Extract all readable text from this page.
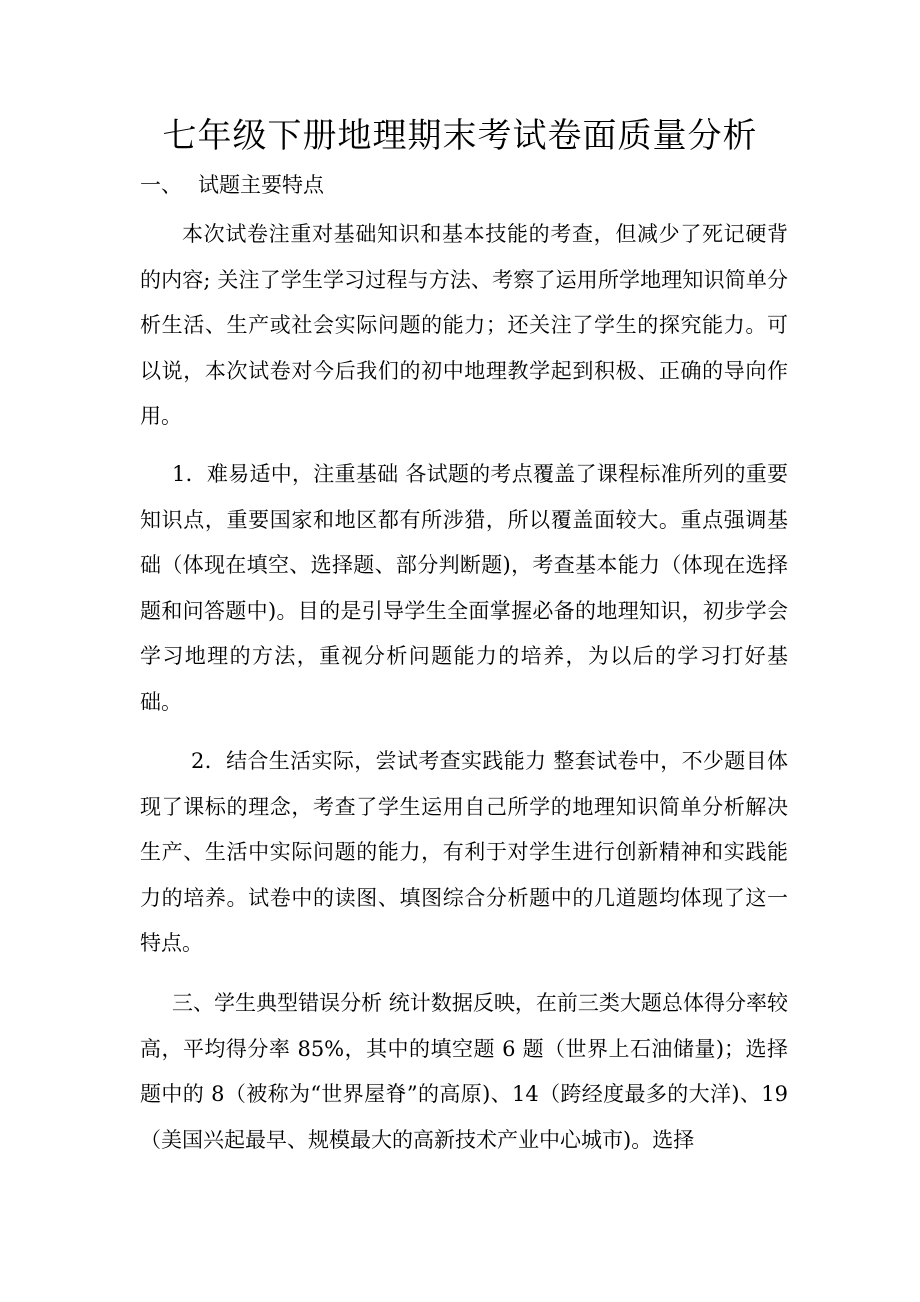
七年级下册地理期末考试卷面质量分析
一、 试题主要特点

本次试卷注重对基础知识和基本技能的考查，但减少了死记硬背的内容; 关注了学生学习过程与方法、考察了运用所学地理知识简单分析生活、生产或社会实际问题的能力；还关注了学生的探究能力。可以说，本次试卷对今后我们的初中地理教学起到积极、正确的导向作用。

1．难易适中，注重基础 各试题的考点覆盖了课程标准所列的重要知识点，重要国家和地区都有所涉猎，所以覆盖面较大。重点强调基础（体现在填空、选择题、部分判断题)，考查基本能力（体现在选择题和问答题中)。目的是引导学生全面掌握必备的地理知识，初步学会学习地理的方法，重视分析问题能力的培养，为以后的学习打好基础。

2．结合生活实际，尝试考查实践能力 整套试卷中，不少题目体现了课标的理念，考查了学生运用自己所学的地理知识简单分析解决生产、生活中实际问题的能力，有利于对学生进行创新精神和实践能力的培养。试卷中的读图、填图综合分析题中的几道题均体现了这一特点。

三、学生典型错误分析 统计数据反映，在前三类大题总体得分率较高，平均得分率 85%，其中的填空题 6 题（世界上石油储量)；选择题中的 8（被称为“世界屋脊”的高原)、14（跨经度最多的大洋)、19（美国兴起最早、规模最大的高新技术产业中心城市)。选择
